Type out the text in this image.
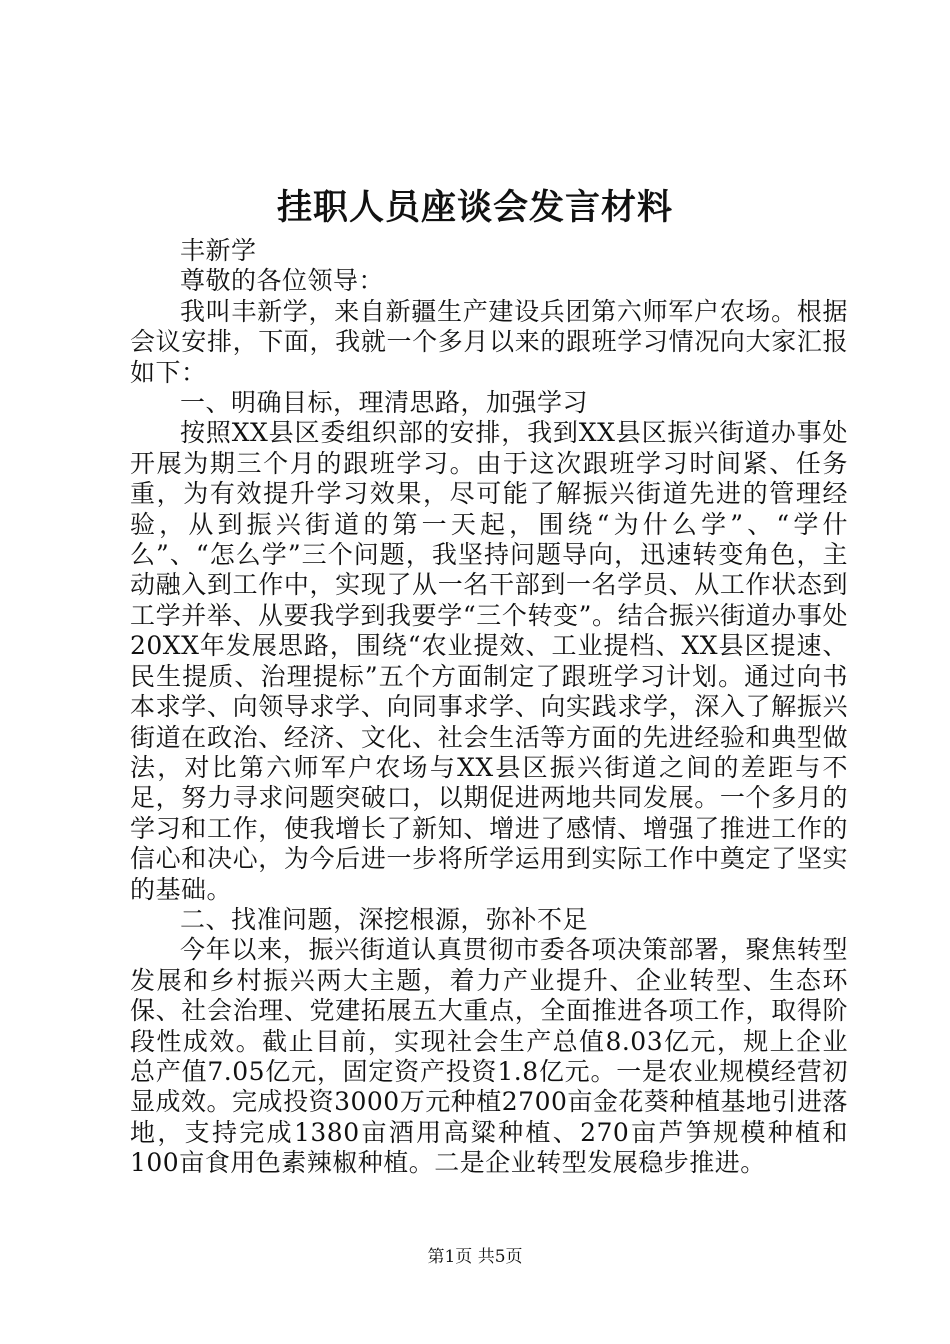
挂职人员座谈会发言材料

丰新学

尊敬的各位领导：

我叫丰新学，来自新疆生产建设兵团第六师军户农场。根据会议安排，下面，我就一个多月以来的跟班学习情况向大家汇报如下：

一、明确目标，理清思路，加强学习

按照XX县区委组织部的安排，我到XX县区振兴街道办事处开展为期三个月的跟班学习。由于这次跟班学习时间紧、任务重，为有效提升学习效果，尽可能了解振兴街道先进的管理经验，从到振兴街道的第一天起，围绕“为什么学”、“学什么”、“怎么学”三个问题，我坚持问题导向，迅速转变角色，主动融入到工作中，实现了从一名干部到一名学员、从工作状态到工学并举、从要我学到我要学“三个转变”。结合振兴街道办事处20XX年发展思路，围绕“农业提效、工业提档、XX县区提速、民生提质、治理提标”五个方面制定了跟班学习计划。通过向书本求学、向领导求学、向同事求学、向实践求学，深入了解振兴街道在政治、经济、文化、社会生活等方面的先进经验和典型做法，对比第六师军户农场与XX县区振兴街道之间的差距与不足，努力寻求问题突破口，以期促进两地共同发展。一个多月的学习和工作，使我增长了新知、增进了感情、增强了推进工作的信心和决心，为今后进一步将所学运用到实际工作中奠定了坚实的基础。

二、找准问题，深挖根源，弥补不足

今年以来，振兴街道认真贯彻市委各项决策部署，聚焦转型发展和乡村振兴两大主题，着力产业提升、企业转型、生态环保、社会治理、党建拓展五大重点，全面推进各项工作，取得阶段性成效。截止目前，实现社会生产总值8.03亿元，规上企业总产值7.05亿元，固定资产投资1.8亿元。一是农业规模经营初显成效。完成投资3000万元种植2700亩金花葵种植基地引进落地，支持完成1380亩酒用高粱种植、270亩芦笋规模种植和100亩食用色素辣椒种植。二是企业转型发展稳步推进。

第1页 共5页
